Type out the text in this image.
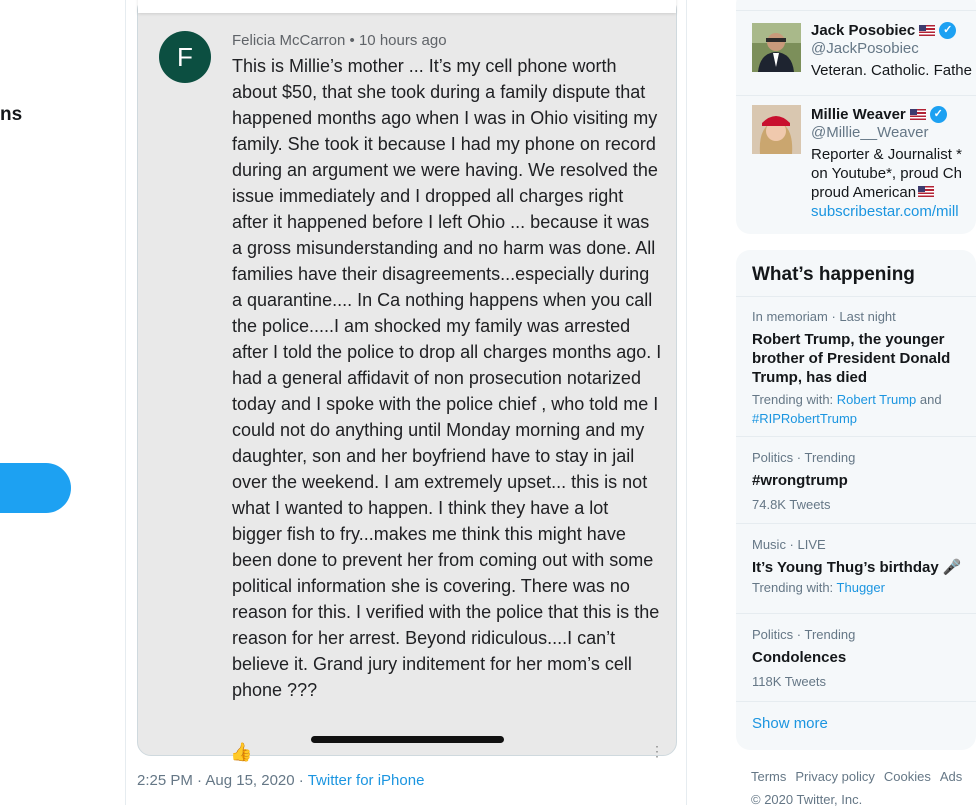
ns
F
Felicia McCarron • 10 hours ago
This is Millie’s mother ... It’s my cell phone worth about $50, that she took during a family dispute that happened months ago when I was in Ohio visiting my family. She took it because I had my phone on record during an argument we were having. We resolved the issue immediately and I dropped all charges right after it happened before I left Ohio ... because it was a gross misunderstanding and no harm was done. All families have their disagreements...especially during a quarantine.... In Ca nothing happens when you call the police.....I am shocked my family was arrested after I told the police to drop all charges months ago. I had a general affidavit of non prosecution notarized today and I spoke with the police chief , who told me I could not do anything until Monday morning and my daughter, son and her boyfriend have to stay in jail over the weekend. I am extremely upset... this is not what I wanted to happen. I think they have a lot bigger fish to fry...makes me think this might have been done to prevent her from coming out with some political information she is covering. There was no reason for this. I verified with the police that this is the reason for her arrest. Beyond ridiculous....I can’t believe it. Grand jury inditement for her mom’s cell phone ???
👍	⋮
2:25 PM · Aug 15, 2020 · Twitter for iPhone
Jack Posobiec	✓
@JackPosobiec
Veteran. Catholic. Fathe
Millie Weaver	✓
@Millie__Weaver
Reporter & Journalist *
on Youtube*, proud Ch
proud American
subscribestar.com/mill
What’s happening
In memoriam · Last night
Robert Trump, the younger brother of President Donald Trump, has died
Trending with: Robert Trump and
#RIPRobertTrump
Politics · Trending
#wrongtrump
74.8K Tweets
Music · LIVE
It’s Young Thug’s birthday 🎤
Trending with: Thugger
Politics · Trending
Condolences
118K Tweets
Show more
Terms Privacy policy Cookies Ads
© 2020 Twitter, Inc.
